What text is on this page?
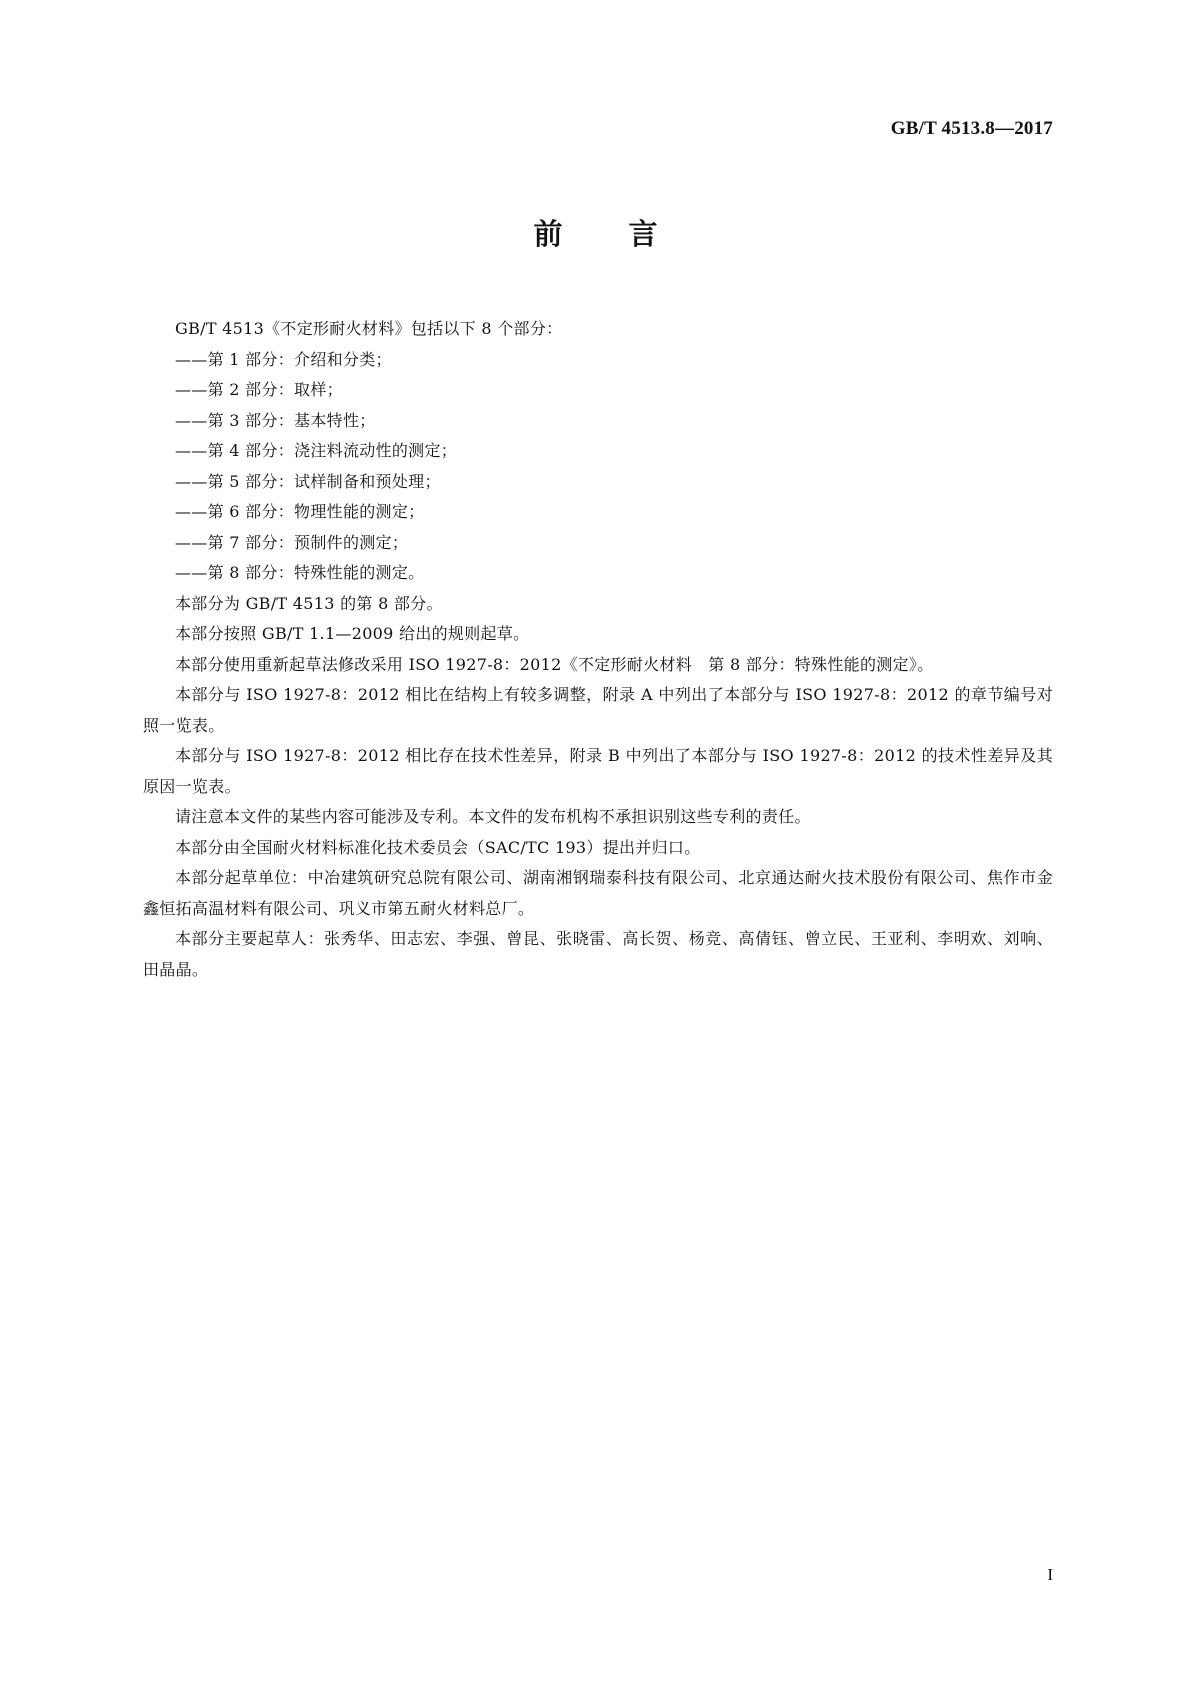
GB/T 4513.8—2017
前 言

GB/T 4513《不定形耐火材料》包括以下 8 个部分：

——第 1 部分：介绍和分类；

——第 2 部分：取样；

——第 3 部分：基本特性；

——第 4 部分：浇注料流动性的测定；

——第 5 部分：试样制备和预处理；

——第 6 部分：物理性能的测定；

——第 7 部分：预制件的测定；

——第 8 部分：特殊性能的测定。

本部分为 GB/T 4513 的第 8 部分。

本部分按照 GB/T 1.1—2009 给出的规则起草。

本部分使用重新起草法修改采用 ISO 1927-8：2012《不定形耐火材料　第 8 部分：特殊性能的测定》。

本部分与 ISO 1927-8：2012 相比在结构上有较多调整，附录 A 中列出了本部分与 ISO 1927-8：2012 的章节编号对照一览表。

本部分与 ISO 1927-8：2012 相比存在技术性差异，附录 B 中列出了本部分与 ISO 1927-8：2012 的技术性差异及其原因一览表。

请注意本文件的某些内容可能涉及专利。本文件的发布机构不承担识别这些专利的责任。

本部分由全国耐火材料标准化技术委员会（SAC/TC 193）提出并归口。

本部分起草单位：中冶建筑研究总院有限公司、湖南湘钢瑞泰科技有限公司、北京通达耐火技术股份有限公司、焦作市金鑫恒拓高温材料有限公司、巩义市第五耐火材料总厂。

本部分主要起草人：张秀华、田志宏、李强、曾昆、张晓雷、高长贺、杨竞、高倩钰、曾立民、王亚利、李明欢、刘响、田晶晶。

I
